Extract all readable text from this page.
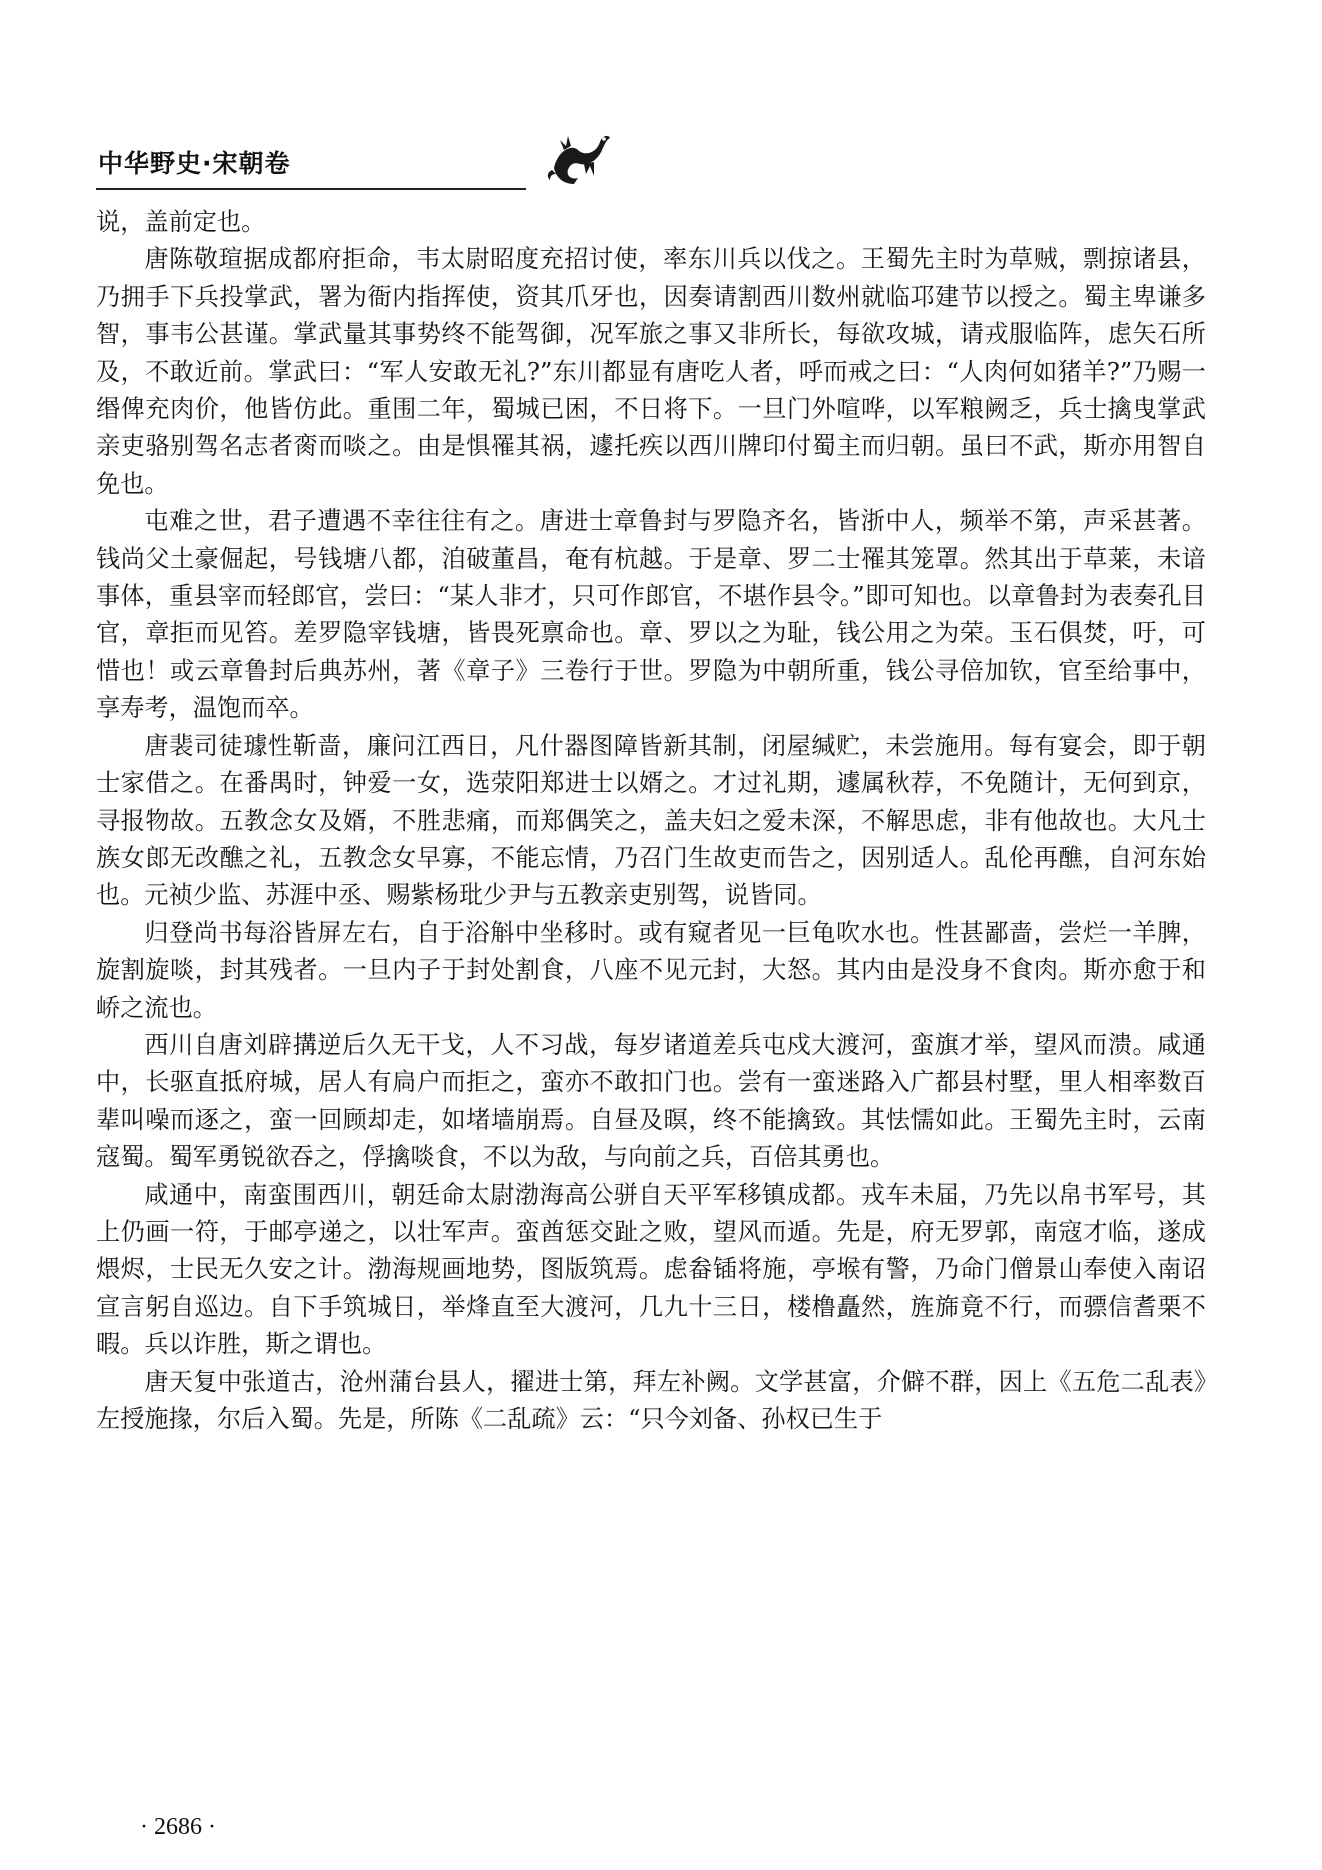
中华野史·宋朝卷

说，盖前定也。

唐陈敬瑄据成都府拒命，韦太尉昭度充招讨使，率东川兵以伐之。王蜀先主时为草贼，剽掠诸县，乃拥手下兵投掌武，署为衙内指挥使，资其爪牙也，因奏请割西川数州就临邛建节以授之。蜀主卑谦多智，事韦公甚谨。掌武量其事势终不能驾御，况军旅之事又非所长，每欲攻城，请戎服临阵，虑矢石所及，不敢近前。掌武曰：“军人安敢无礼?”东川都显有唐吃人者，呼而戒之曰：“人肉何如猪羊?”乃赐一缗俾充肉价，他皆仿此。重围二年，蜀城已困，不日将下。一旦门外喧哗，以军粮阙乏，兵士擒曳掌武亲吏骆别驾名志者脔而啖之。由是惧罹其祸，遽托疾以西川牌印付蜀主而归朝。虽曰不武，斯亦用智自免也。

屯难之世，君子遭遇不幸往往有之。唐进士章鲁封与罗隐齐名，皆浙中人，频举不第，声采甚著。钱尚父土豪倔起，号钱塘八都，洎破董昌，奄有杭越。于是章、罗二士罹其笼罩。然其出于草莱，未谙事体，重县宰而轻郎官，尝曰：“某人非才，只可作郎官，不堪作县令。”即可知也。以章鲁封为表奏孔目官，章拒而见笞。差罗隐宰钱塘，皆畏死禀命也。章、罗以之为耻，钱公用之为荣。玉石俱焚，吁，可惜也！或云章鲁封后典苏州，著《章子》三卷行于世。罗隐为中朝所重，钱公寻倍加钦，官至给事中，享寿考，温饱而卒。

唐裴司徒璩性靳啬，廉问江西日，凡什器图障皆新其制，闭屋缄贮，未尝施用。每有宴会，即于朝士家借之。在番禺时，钟爱一女，选荥阳郑进士以婿之。才过礼期，遽属秋荐，不免随计，无何到京，寻报物故。五教念女及婿，不胜悲痛，而郑偶笑之，盖夫妇之爱未深，不解思虑，非有他故也。大凡士族女郎无改醮之礼，五教念女早寡，不能忘情，乃召门生故吏而告之，因别适人。乱伦再醮，自河东始也。元祯少监、苏涯中丞、赐紫杨玭少尹与五教亲吏别驾，说皆同。

归登尚书每浴皆屏左右，自于浴斛中坐移时。或有窥者见一巨龟吹水也。性甚鄙啬，尝烂一羊脾，旋割旋啖，封其残者。一旦内子于封处割食，八座不见元封，大怒。其内由是没身不食肉。斯亦愈于和峤之流也。

西川自唐刘辟搆逆后久无干戈，人不习战，每岁诸道差兵屯戍大渡河，蛮旗才举，望风而溃。咸通中，长驱直抵府城，居人有扃户而拒之，蛮亦不敢扣门也。尝有一蛮迷路入广都县村墅，里人相率数百辈叫噪而逐之，蛮一回顾却走，如堵墙崩焉。自昼及暝，终不能擒致。其怯懦如此。王蜀先主时，云南寇蜀。蜀军勇锐欲吞之，俘擒啖食，不以为敌，与向前之兵，百倍其勇也。

咸通中，南蛮围西川，朝廷命太尉渤海高公骈自天平军移镇成都。戎车未届，乃先以帛书军号，其上仍画一符，于邮亭递之，以壮军声。蛮酋惩交趾之败，望风而遁。先是，府无罗郭，南寇才临，遂成煨烬，士民无久安之计。渤海规画地势，图版筑焉。虑畚锸将施，亭堠有警，乃命门僧景山奉使入南诏宣言躬自巡边。自下手筑城日，举烽直至大渡河，几九十三日，楼橹矗然，旌旆竟不行，而骠信耆栗不暇。兵以诈胜，斯之谓也。

唐天复中张道古，沧州蒲台县人，擢进士第，拜左补阙。文学甚富，介僻不群，因上《五危二乱表》左授施掾，尔后入蜀。先是，所陈《二乱疏》云：“只今刘备、孙权已生于

· 2686 ·
